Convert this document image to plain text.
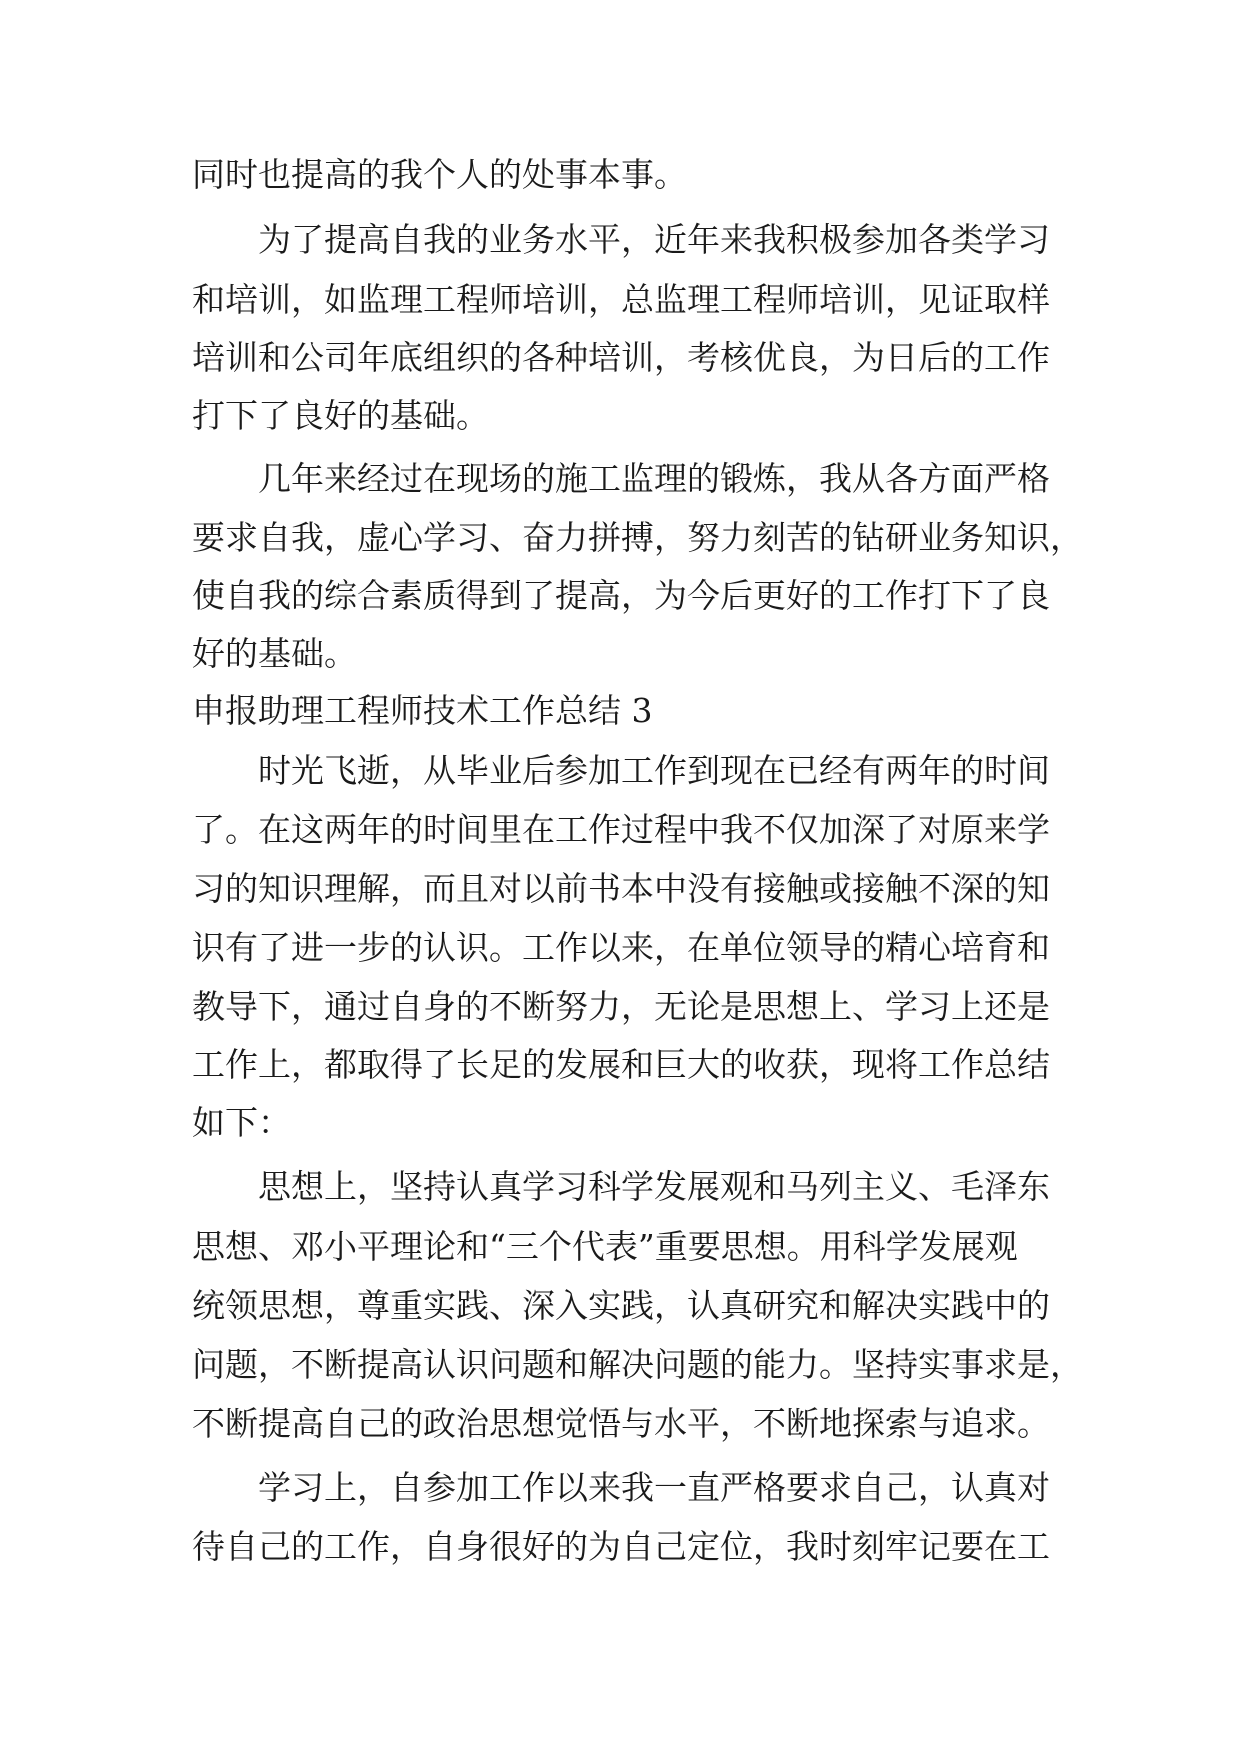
同时也提高的我个人的处事本事。
为了提高自我的业务水平，近年来我积极参加各类学习
和培训，如监理工程师培训，总监理工程师培训，见证取样
培训和公司年底组织的各种培训，考核优良，为日后的工作
打下了良好的基础。
几年来经过在现场的施工监理的锻炼，我从各方面严格
要求自我，虚心学习、奋力拼搏，努力刻苦的钻研业务知识，
使自我的综合素质得到了提高，为今后更好的工作打下了良
好的基础。
申报助理工程师技术工作总结 3
时光飞逝，从毕业后参加工作到现在已经有两年的时间
了。在这两年的时间里在工作过程中我不仅加深了对原来学
习的知识理解，而且对以前书本中没有接触或接触不深的知
识有了进一步的认识。工作以来，在单位领导的精心培育和
教导下，通过自身的不断努力，无论是思想上、学习上还是
工作上，都取得了长足的发展和巨大的收获，现将工作总结
如下：
思想上，坚持认真学习科学发展观和马列主义、毛泽东
思想、邓小平理论和“三个代表”重要思想。用科学发展观
统领思想，尊重实践、深入实践，认真研究和解决实践中的
问题，不断提高认识问题和解决问题的能力。坚持实事求是，
不断提高自己的政治思想觉悟与水平，不断地探索与追求。
学习上，自参加工作以来我一直严格要求自己，认真对
待自己的工作，自身很好的为自己定位，我时刻牢记要在工
